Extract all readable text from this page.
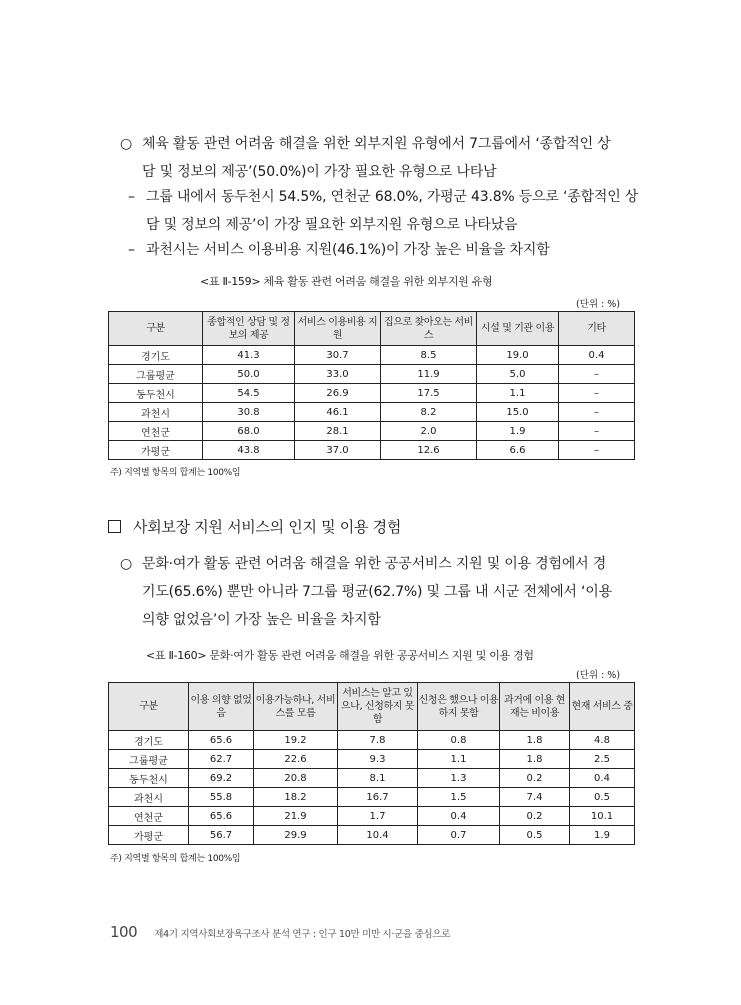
○ 체육 활동 관련 어려움 해결을 위한 외부지원 유형에서 7그룹에서 ‘종합적인 상
담 및 정보의 제공’(50.0%)이 가장 필요한 유형으로 나타남
– 그룹 내에서 동두천시 54.5%, 연천군 68.0%, 가평군 43.8% 등으로 ‘종합적인 상
담 및 정보의 제공’이 가장 필요한 외부지원 유형으로 나타났음
– 과천시는 서비스 이용비용 지원(46.1%)이 가장 높은 비율을 차지함
<표 Ⅱ-159> 체육 활동 관련 어려움 해결을 위한 외부지원 유형
(단위 : %)
구분	종합적인 상담 및 정보의 제공	서비스 이용비용 지원	집으로 찾아오는 서비스	시설 및 기관 이용	기타
경기도	41.3	30.7	8.5	19.0	0.4
그룹평균	50.0	33.0	11.9	5.0	–
동두천시	54.5	26.9	17.5	1.1	–
과천시	30.8	46.1	8.2	15.0	–
연천군	68.0	28.1	2.0	1.9	–
가평군	43.8	37.0	12.6	6.6	–
주) 지역별 항목의 합계는 100%임
사회보장 지원 서비스의 인지 및 이용 경험
○ 문화·여가 활동 관련 어려움 해결을 위한 공공서비스 지원 및 이용 경험에서 경
기도(65.6%) 뿐만 아니라 7그룹 평균(62.7%) 및 그룹 내 시군 전체에서 ‘이용
의향 없었음’이 가장 높은 비율을 차지함
<표 Ⅱ-160> 문화·여가 활동 관련 어려움 해결을 위한 공공서비스 지원 및 이용 경험
(단위 : %)
구분	이용 의향 없었음	이용가능하나, 서비스를 모름	서비스는 알고 있으나, 신청하지 못함	신청은 했으나 이용하지 못함	과거에 이용 현재는 비이용	현재 서비스 중
경기도	65.6	19.2	7.8	0.8	1.8	4.8
그룹평균	62.7	22.6	9.3	1.1	1.8	2.5
동두천시	69.2	20.8	8.1	1.3	0.2	0.4
과천시	55.8	18.2	16.7	1.5	7.4	0.5
연천군	65.6	21.9	1.7	0.4	0.2	10.1
가평군	56.7	29.9	10.4	0.7	0.5	1.9
주) 지역별 항목의 합계는 100%임
100 제4기 지역사회보장욕구조사 분석 연구 : 인구 10만 미만 시·군을 중심으로
